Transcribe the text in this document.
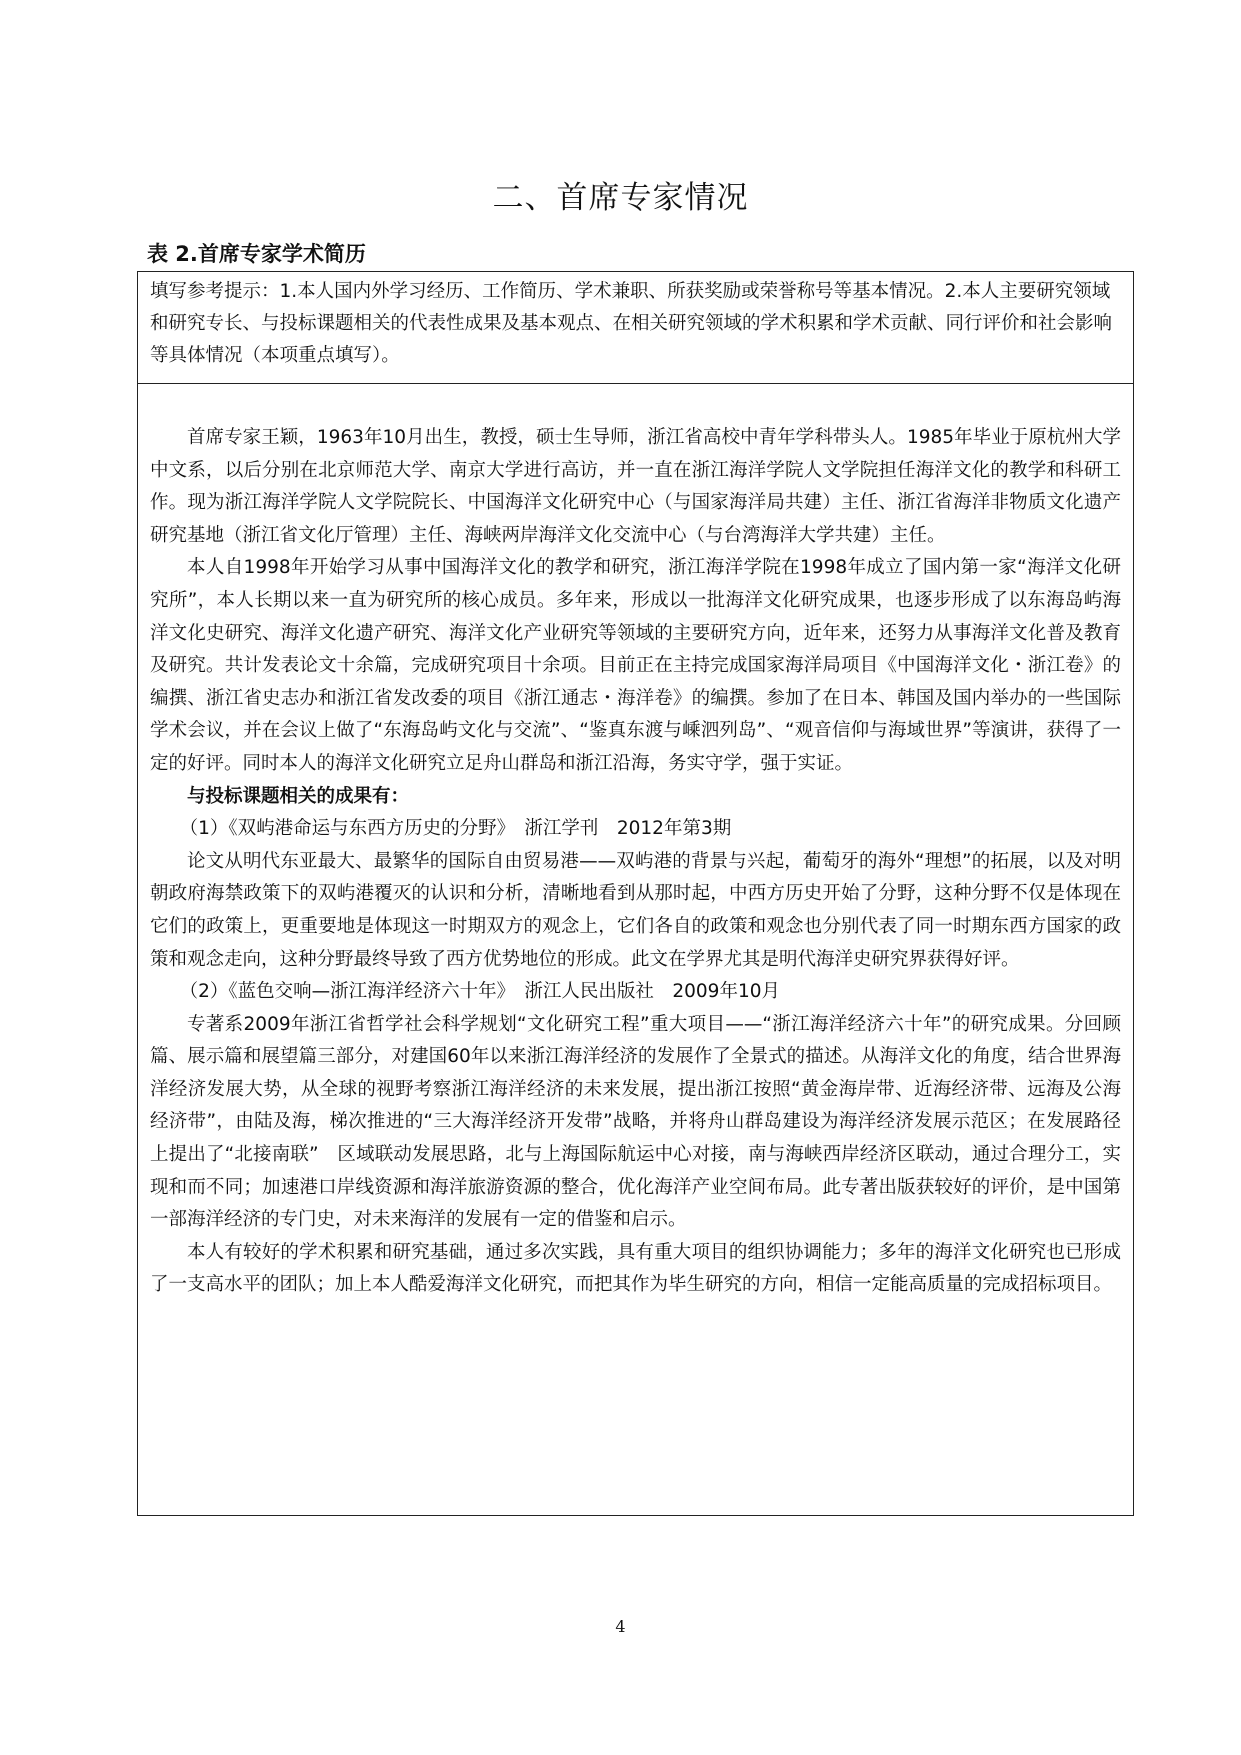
二、首席专家情况
表 2.首席专家学术简历
填写参考提示：1.本人国内外学习经历、工作简历、学术兼职、所获奖励或荣誉称号等基本情况。2.本人主要研究领域和研究专长、与投标课题相关的代表性成果及基本观点、在相关研究领域的学术积累和学术贡献、同行评价和社会影响等具体情况（本项重点填写）。

首席专家王颖，1963年10月出生，教授，硕士生导师，浙江省高校中青年学科带头人。1985年毕业于原杭州大学中文系，以后分别在北京师范大学、南京大学进行高访，并一直在浙江海洋学院人文学院担任海洋文化的教学和科研工作。现为浙江海洋学院人文学院院长、中国海洋文化研究中心（与国家海洋局共建）主任、浙江省海洋非物质文化遗产研究基地（浙江省文化厅管理）主任、海峡两岸海洋文化交流中心（与台湾海洋大学共建）主任。

本人自1998年开始学习从事中国海洋文化的教学和研究，浙江海洋学院在1998年成立了国内第一家“海洋文化研究所”，本人长期以来一直为研究所的核心成员。多年来，形成以一批海洋文化研究成果，也逐步形成了以东海岛屿海洋文化史研究、海洋文化遗产研究、海洋文化产业研究等领域的主要研究方向，近年来，还努力从事海洋文化普及教育及研究。共计发表论文十余篇，完成研究项目十余项。目前正在主持完成国家海洋局项目《中国海洋文化・浙江卷》的编撰、浙江省史志办和浙江省发改委的项目《浙江通志・海洋卷》的编撰。参加了在日本、韩国及国内举办的一些国际学术会议，并在会议上做了“东海岛屿文化与交流”、“鉴真东渡与嵊泗列岛”、“观音信仰与海域世界”等演讲，获得了一定的好评。同时本人的海洋文化研究立足舟山群岛和浙江沿海，务实守学，强于实证。

与投标课题相关的成果有：

（1）《双屿港命运与东西方历史的分野》　浙江学刊　2012年第3期

论文从明代东亚最大、最繁华的国际自由贸易港——双屿港的背景与兴起，葡萄牙的海外“理想”的拓展，以及对明朝政府海禁政策下的双屿港覆灭的认识和分析，清晰地看到从那时起，中西方历史开始了分野，这种分野不仅是体现在它们的政策上，更重要地是体现这一时期双方的观念上，它们各自的政策和观念也分别代表了同一时期东西方国家的政策和观念走向，这种分野最终导致了西方优势地位的形成。此文在学界尤其是明代海洋史研究界获得好评。

（2）《蓝色交响—浙江海洋经济六十年》　浙江人民出版社　2009年10月

专著系2009年浙江省哲学社会科学规划“文化研究工程”重大项目——“浙江海洋经济六十年”的研究成果。分回顾篇、展示篇和展望篇三部分，对建国60年以来浙江海洋经济的发展作了全景式的描述。从海洋文化的角度，结合世界海洋经济发展大势，从全球的视野考察浙江海洋经济的未来发展，提出浙江按照“黄金海岸带、近海经济带、远海及公海经济带”，由陆及海，梯次推进的“三大海洋经济开发带”战略，并将舟山群岛建设为海洋经济发展示范区；在发展路径上提出了“北接南联”　区域联动发展思路，北与上海国际航运中心对接，南与海峡西岸经济区联动，通过合理分工，实现和而不同；加速港口岸线资源和海洋旅游资源的整合，优化海洋产业空间布局。此专著出版获较好的评价，是中国第一部海洋经济的专门史，对未来海洋的发展有一定的借鉴和启示。

本人有较好的学术积累和研究基础，通过多次实践，具有重大项目的组织协调能力；多年的海洋文化研究也已形成了一支高水平的团队；加上本人酷爱海洋文化研究，而把其作为毕生研究的方向，相信一定能高质量的完成招标项目。

4
